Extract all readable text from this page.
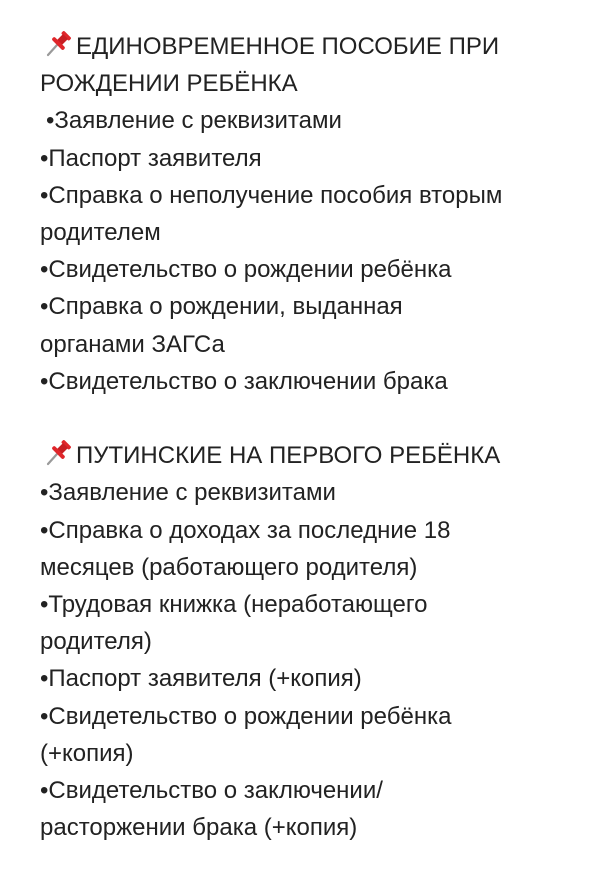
ЕДИНОВРЕМЕННОЕ ПОСОБИЕ ПРИ
РОЖДЕНИИ РЕБЁНКА
•Заявление с реквизитами
•Паспорт заявителя
•Справка о неполучение пособия вторым
родителем
•Свидетельство о рождении ребёнка
•Справка о рождении, выданная
органами ЗАГСа
•Свидетельство о заключении брака
ПУТИНСКИЕ НА ПЕРВОГО РЕБЁНКА
•Заявление с реквизитами
•Справка о доходах за последние 18
месяцев (работающего родителя)
•Трудовая книжка (неработающего
родителя)
•Паспорт заявителя (+копия)
•Свидетельство о рождении ребёнка
(+копия)
•Свидетельство о заключении/
расторжении брака (+копия)
